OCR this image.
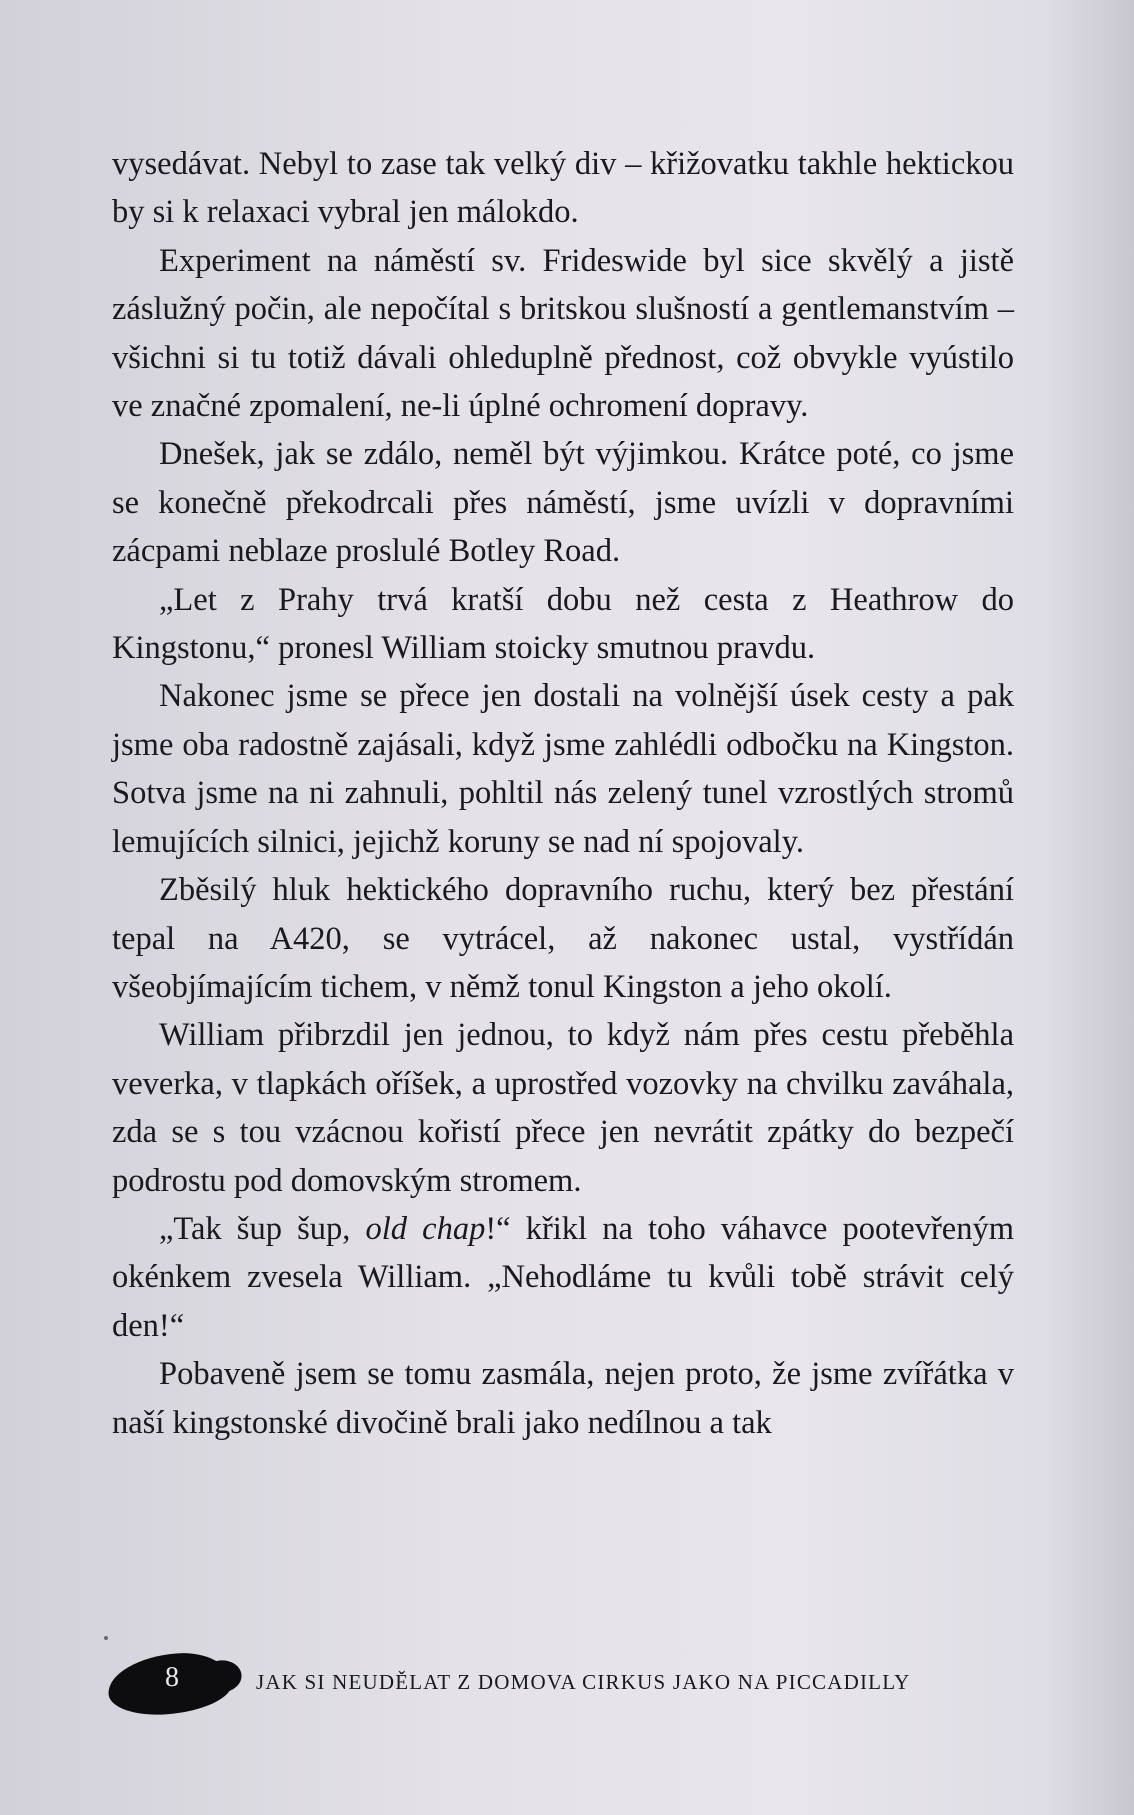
vysedávat. Nebyl to zase tak velký div – křižovatku takhle hektickou by si k relaxaci vybral jen málokdo.

Experiment na náměstí sv. Frideswide byl sice skvělý a jistě záslužný počin, ale nepočítal s britskou slušností a gentlemanstvím – všichni si tu totiž dávali ohleduplně přednost, což obvykle vyústilo ve značné zpomalení, ne-li úplné ochromení dopravy.

Dnešek, jak se zdálo, neměl být výjimkou. Krátce poté, co jsme se konečně překodrcali přes náměstí, jsme uvízli v dopravními zácpami neblaze proslulé Botley Road.

„Let z Prahy trvá kratší dobu než cesta z Heathrow do Kingstonu,“ pronesl William stoicky smutnou pravdu.

Nakonec jsme se přece jen dostali na volnější úsek cesty a pak jsme oba radostně zajásali, když jsme zahlédli odbočku na Kingston. Sotva jsme na ni zahnuli, pohltil nás zelený tunel vzrostlých stromů lemujících silnici, jejichž koruny se nad ní spojovaly.

Zběsilý hluk hektického dopravního ruchu, který bez přestání tepal na A420, se vytrácel, až nakonec ustal, vystřídán všeobjímajícím tichem, v němž tonul Kingston a jeho okolí.

William přibrzdil jen jednou, to když nám přes cestu přeběhla veverka, v tlapkách oříšek, a uprostřed vozovky na chvilku zaváhala, zda se s tou vzácnou kořistí přece jen nevrátit zpátky do bezpečí podrostu pod domovským stromem.

„Tak šup šup, old chap!“ křikl na toho váhavce pootevřeným okénkem zvesela William. „Nehodláme tu kvůli tobě strávit celý den!“

Pobaveně jsem se tomu zasmála, nejen proto, že jsme zvířátka v naší kingstonské divočině brali jako nedílnou a tak

8	JAK SI NEUDĚLAT Z DOMOVA CIRKUS JAKO NA PICCADILLY
